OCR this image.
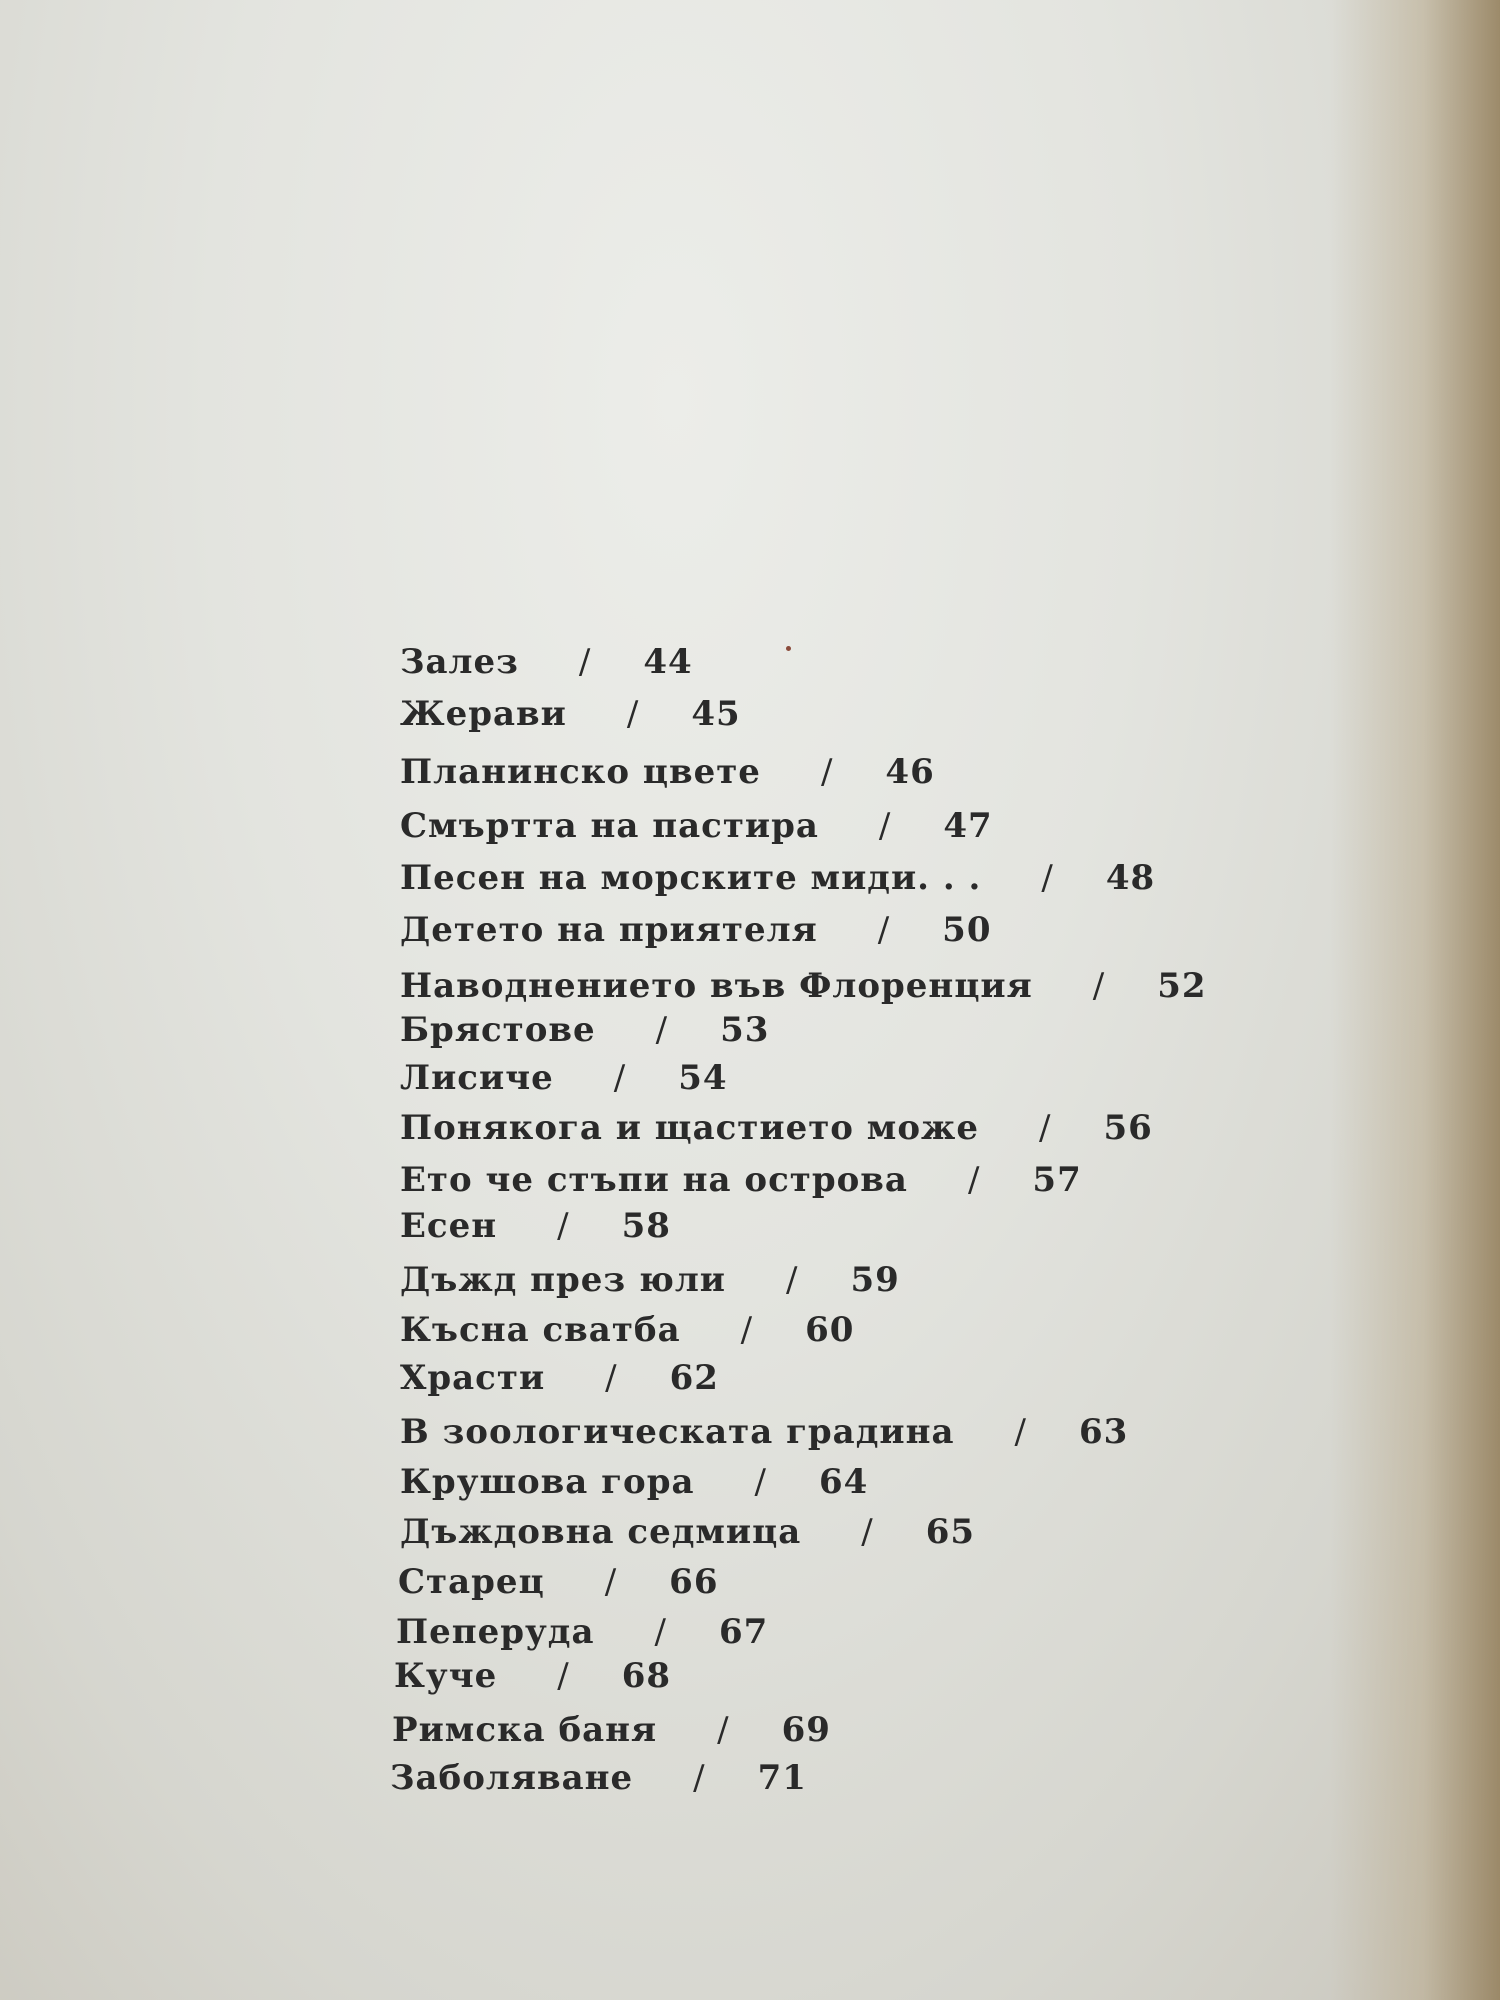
Залез / 44
Жерави / 45
Планинско цвете / 46
Смъртта на пастира / 47
Песен на морските миди. . . / 48
Детето на приятеля / 50
Наводнението във Флоренция / 52
Брястове / 53
Лисиче / 54
Понякога и щастието може / 56
Ето че стъпи на острова / 57
Есен / 58
Дъжд през юли / 59
Късна сватба / 60
Храсти / 62
В зоологическата градина / 63
Крушова гора / 64
Дъждовна седмица / 65
Старец / 66
Пеперуда / 67
Куче / 68
Римска баня / 69
Заболяване / 71
